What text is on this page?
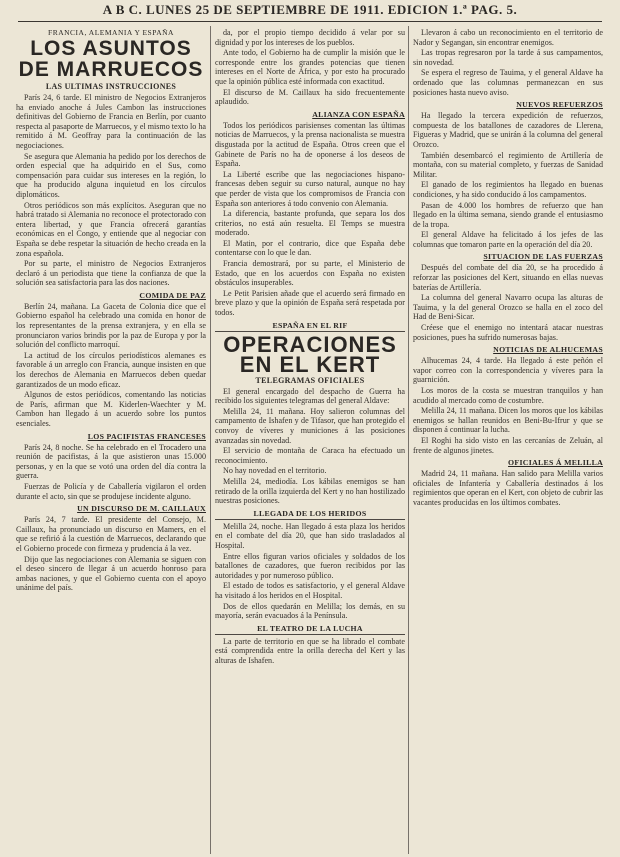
A B C. LUNES 25 DE SEPTIEMBRE DE 1911. EDICION 1.ª PAG. 5.
FRANCIA, ALEMANIA Y ESPAÑA
LOS ASUNTOS
DE MARRUECOS
LAS ULTIMAS INSTRUCCIONES

París 24, 6 tarde. El ministro de Negocios Extranjeros ha enviado anoche á Jules Cambon las instrucciones definitivas del Gobierno de Francia en Berlín, por cuanto respecta al pasaporte de Marruecos, y el mismo texto lo ha remitido á M. Geoffray para la continuación de las negociaciones.

Se asegura que Alemania ha pedido por los derechos de orden especial que ha adquirido en el Sus, como compensación para cuidar sus intereses en la región, lo que ha producido alguna inquietud en los círculos diplomáticos.

Otros periódicos son más explícitos. Aseguran que no habrá tratado si Alemania no reconoce el protectorado con entera libertad, y que Francia ofrecerá garantías económicas en el Congo, y entiende que al negociar con España se debe respetar la situación de hecho creada en la zona española.

Por su parte, el ministro de Negocios Extranjeros declaró á un periodista que tiene la confianza de que la solución sea satisfactoria para las dos naciones.

COMIDA DE PAZ

Berlín 24, mañana. La Gaceta de Colonia dice que el Gobierno español ha celebrado una comida en honor de los representantes de la prensa extranjera, y en ella se pronunciaron varios brindis por la paz de Europa y por la solución del conflicto marroquí.

La actitud de los círculos periodísticos alemanes es favorable á un arreglo con Francia, aunque insisten en que los derechos de Alemania en Marruecos deben quedar garantizados de un modo eficaz.

Algunos de estos periódicos, comentando las noticias de París, afirman que M. Kiderlen-Waechter y M. Cambon han llegado á un acuerdo sobre los puntos esenciales.

LOS PACIFISTAS FRANCESES

París 24, 8 noche. Se ha celebrado en el Trocadero una reunión de pacifistas, á la que asistieron unas 15.000 personas, y en la que se votó una orden del día contra la guerra.

Fuerzas de Policía y de Caballería vigilaron el orden durante el acto, sin que se produjese incidente alguno.

UN DISCURSO DE M. CAILLAUX

París 24, 7 tarde. El presidente del Consejo, M. Caillaux, ha pronunciado un discurso en Mamers, en el que se refirió á la cuestión de Marruecos, declarando que el Gobierno procede con firmeza y prudencia á la vez.

Dijo que las negociaciones con Alemania se siguen con el deseo sincero de llegar á un acuerdo honroso para ambas naciones, y que el Gobierno cuenta con el apoyo unánime del país.

da, por el propio tiempo decidido á velar por su dignidad y por los intereses de los pueblos.

Ante todo, el Gobierno ha de cumplir la misión que le corresponde entre los grandes potencias que tienen intereses en el Norte de África, y por esto ha procurado que la opinión pública esté informada con exactitud.

El discurso de M. Caillaux ha sido frecuentemente aplaudido.

ALIANZA CON ESPAÑA

Todos los periódicos parisienses comentan las últimas noticias de Marruecos, y la prensa nacionalista se muestra disgustada por la actitud de España. Otros creen que el Gabinete de París no ha de oponerse á los deseos de España.

La Liberté escribe que las negociaciones hispano-francesas deben seguir su curso natural, aunque no hay que perder de vista que los compromisos de Francia con España son anteriores á todo convenio con Alemania.

La diferencia, bastante profunda, que separa los dos criterios, no está aún resuelta. El Temps se muestra moderado.

El Matin, por el contrario, dice que España debe contentarse con lo que le dan.

Francia demostrará, por su parte, el Ministerio de Estado, que en los acuerdos con España no existen obstáculos insuperables.

Le Petit Parisien añade que el acuerdo será firmado en breve plazo y que la opinión de España será respetada por todos.

ESPAÑA EN EL RIF
OPERACIONES
EN EL KERT
TELEGRAMAS OFICIALES

El general encargado del despacho de Guerra ha recibido los siguientes telegramas del general Aldave:

Melilla 24, 11 mañana. Hoy salieron columnas del campamento de Ishafen y de Tifasor, que han protegido el convoy de víveres y municiones á las posiciones avanzadas sin novedad.

El servicio de montaña de Caraca ha efectuado un reconocimiento.

No hay novedad en el territorio.

Melilla 24, mediodía. Los kábilas enemigos se han retirado de la orilla izquierda del Kert y no han hostilizado nuestras posiciones.

LLEGADA DE LOS HERIDOS

Melilla 24, noche. Han llegado á esta plaza los heridos en el combate del día 20, que han sido trasladados al Hospital.

Entre ellos figuran varios oficiales y soldados de los batallones de cazadores, que fueron recibidos por las autoridades y por numeroso público.

El estado de todos es satisfactorio, y el general Aldave ha visitado á los heridos en el Hospital.

Dos de ellos quedarán en Melilla; los demás, en su mayoría, serán evacuados á la Península.

EL TEATRO DE LA LUCHA

La parte de territorio en que se ha librado el combate está comprendida entre la orilla derecha del Kert y las alturas de Ishafen.

Llevaron á cabo un reconocimiento en el territorio de Nador y Segangan, sin encontrar enemigos.

Las tropas regresaron por la tarde á sus campamentos, sin novedad.

Se espera el regreso de Tauima, y el general Aldave ha ordenado que las columnas permanezcan en sus posiciones hasta nuevo aviso.

NUEVOS REFUERZOS

Ha llegado la tercera expedición de refuerzos, compuesta de los batallones de cazadores de Llerena, Figueras y Madrid, que se unirán á la columna del general Orozco.

También desembarcó el regimiento de Artillería de montaña, con su material completo, y fuerzas de Sanidad Militar.

El ganado de los regimientos ha llegado en buenas condiciones, y ha sido conducido á los campamentos.

Pasan de 4.000 los hombres de refuerzo que han llegado en la última semana, siendo grande el entusiasmo de la tropa.

El general Aldave ha felicitado á los jefes de las columnas que tomaron parte en la operación del día 20.

SITUACION DE LAS FUERZAS

Después del combate del día 20, se ha procedido á reforzar las posiciones del Kert, situando en ellas nuevas baterías de Artillería.

La columna del general Navarro ocupa las alturas de Tauima, y la del general Orozco se halla en el zoco del Had de Beni-Sicar.

Créese que el enemigo no intentará atacar nuestras posiciones, pues ha sufrido numerosas bajas.

NOTICIAS DE ALHUCEMAS

Alhucemas 24, 4 tarde. Ha llegado á este peñón el vapor correo con la correspondencia y víveres para la guarnición.

Los moros de la costa se muestran tranquilos y han acudido al mercado como de costumbre.

Melilla 24, 11 mañana. Dicen los moros que los kábilas enemigos se hallan reunidos en Beni-Bu-Ifrur y que se disponen á continuar la lucha.

El Roghi ha sido visto en las cercanías de Zeluán, al frente de algunos jinetes.

OFICIALES Á MELILLA

Madrid 24, 11 mañana. Han salido para Melilla varios oficiales de Infantería y Caballería destinados á los regimientos que operan en el Kert, con objeto de cubrir las vacantes producidas en los últimos combates.
